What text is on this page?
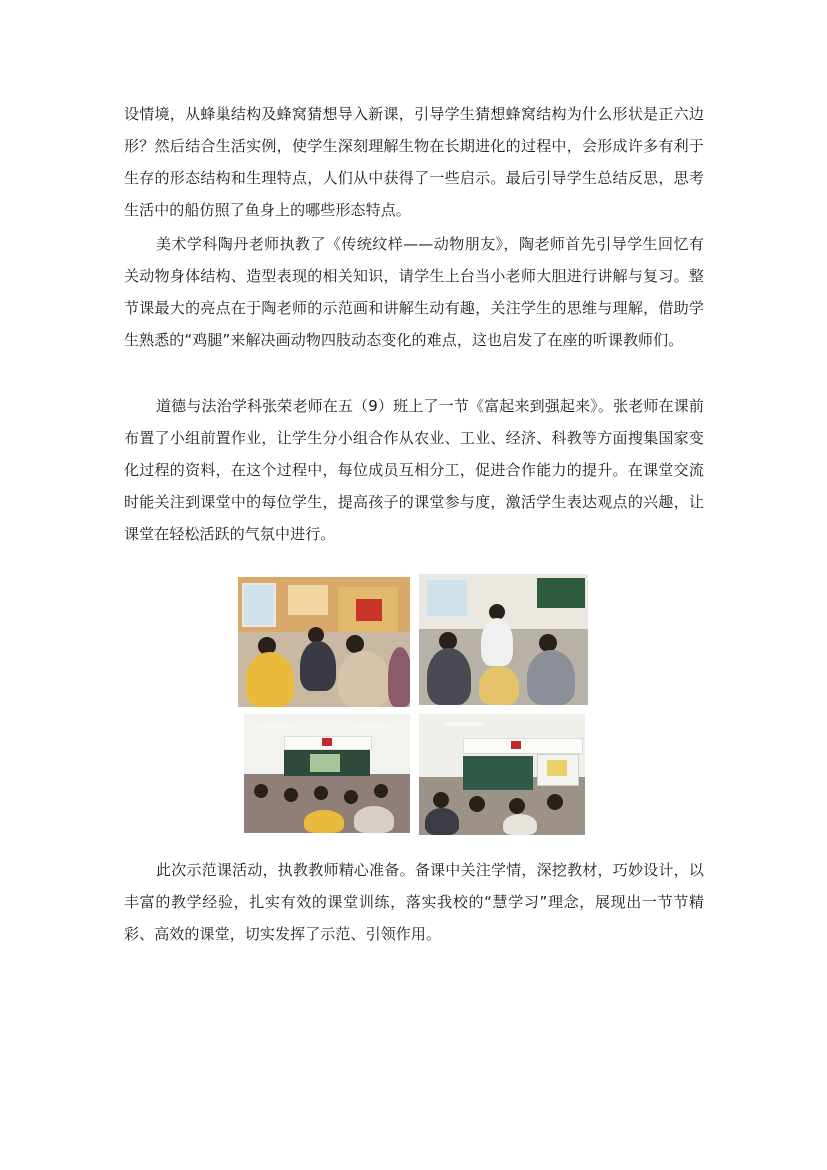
设情境，从蜂巢结构及蜂窝猜想导入新课，引导学生猜想蜂窝结构为什么形状是正六边形？然后结合生活实例，使学生深刻理解生物在长期进化的过程中，会形成许多有利于生存的形态结构和生理特点，人们从中获得了一些启示。最后引导学生总结反思，思考生活中的船仿照了鱼身上的哪些形态特点。

美术学科陶丹老师执教了《传统纹样——动物朋友》，陶老师首先引导学生回忆有关动物身体结构、造型表现的相关知识，请学生上台当小老师大胆进行讲解与复习。整节课最大的亮点在于陶老师的示范画和讲解生动有趣，关注学生的思维与理解，借助学生熟悉的“鸡腿”来解决画动物四肢动态变化的难点，这也启发了在座的听课教师们。

道德与法治学科张荣老师在五（9）班上了一节《富起来到强起来》。张老师在课前布置了小组前置作业，让学生分小组合作从农业、工业、经济、科教等方面搜集国家变化过程的资料，在这个过程中，每位成员互相分工，促进合作能力的提升。在课堂交流时能关注到课堂中的每位学生，提高孩子的课堂参与度，激活学生表达观点的兴趣，让课堂在轻松活跃的气氛中进行。

此次示范课活动，执教教师精心准备。备课中关注学情，深挖教材，巧妙设计，以丰富的教学经验，扎实有效的课堂训练，落实我校的“慧学习”理念，展现出一节节精彩、高效的课堂，切实发挥了示范、引领作用。
